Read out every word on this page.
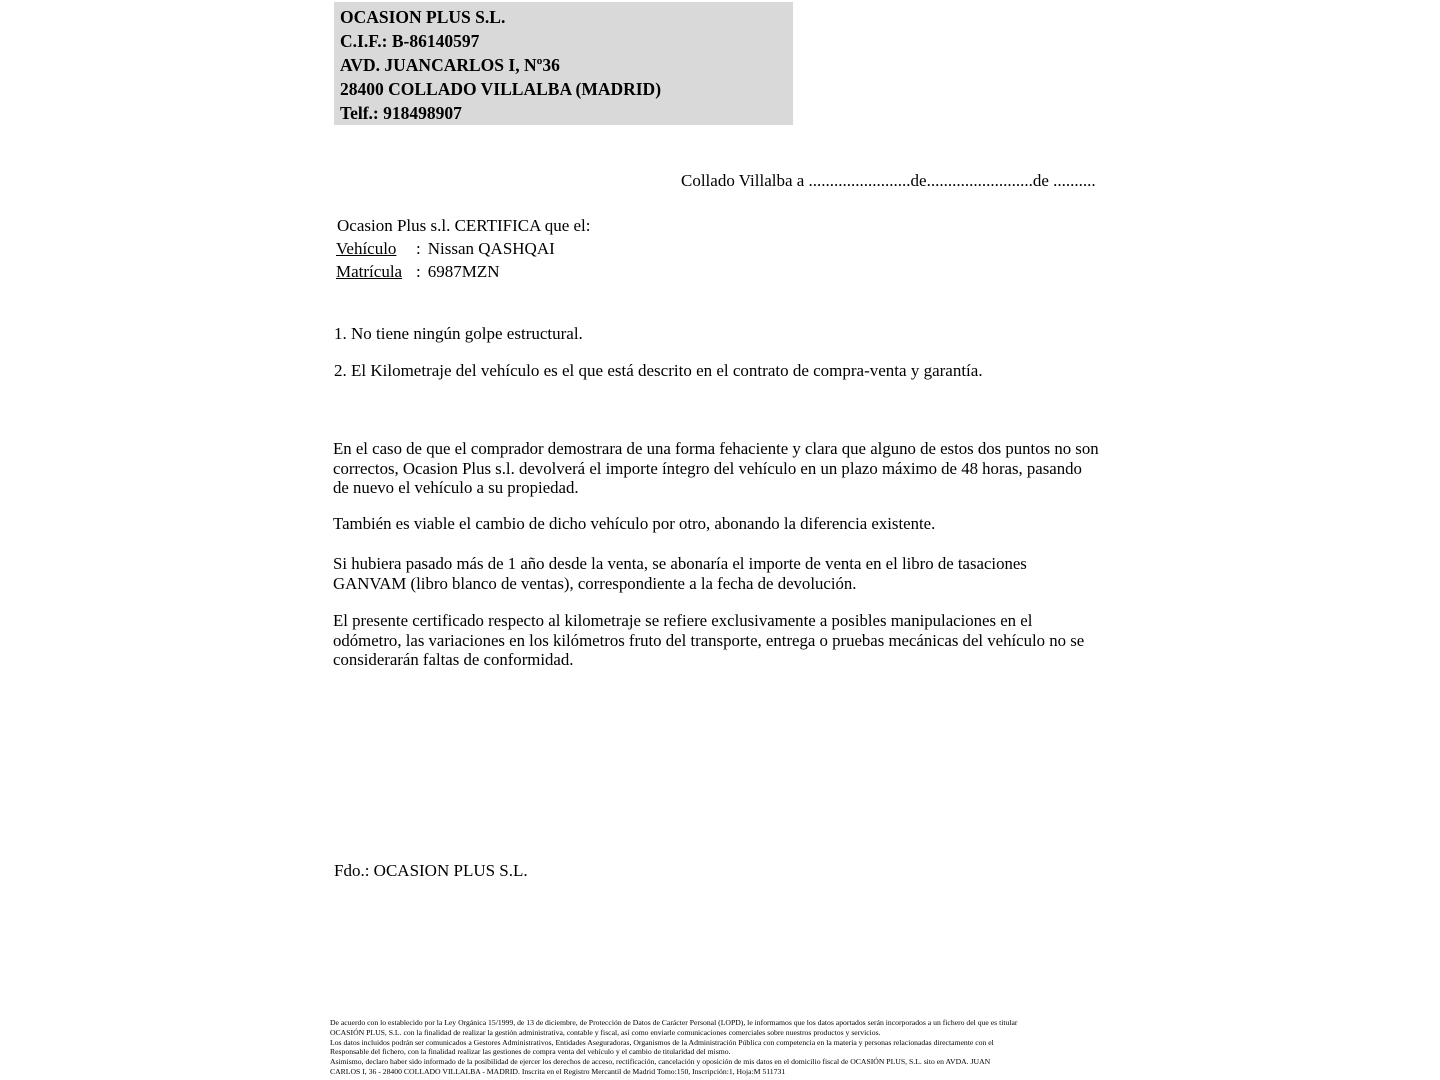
OCASION PLUS S.L.
C.I.F.: B-86140597
AVD. JUANCARLOS I, Nº36
28400 COLLADO VILLALBA (MADRID)
Telf.: 918498907
Collado Villalba a ........................de.........................de ..........
Ocasion Plus s.l. CERTIFICA que el:
Vehículo : Nissan QASHQAI
Matrícula : 6987MZN
1. No tiene ningún golpe estructural.
2. El Kilometraje del vehículo es el que está descrito en el contrato de compra-venta y garantía.

En el caso de que el comprador demostrara de una forma fehaciente y clara que alguno de estos dos puntos no son correctos, Ocasion Plus s.l. devolverá el importe íntegro del vehículo en un plazo máximo de 48 horas, pasando de nuevo el vehículo a su propiedad.

También es viable el cambio de dicho vehículo por otro, abonando la diferencia existente.

Si hubiera pasado más de 1 año desde la venta, se abonaría el importe de venta en el libro de tasaciones GANVAM (libro blanco de ventas), correspondiente a la fecha de devolución.

El presente certificado respecto al kilometraje se refiere exclusivamente a posibles manipulaciones en el odómetro, las variaciones en los kilómetros fruto del transporte, entrega o pruebas mecánicas del vehículo no se considerarán faltas de conformidad.

Fdo.: OCASION PLUS S.L.
De acuerdo con lo establecido por la Ley Orgánica 15/1999, de 13 de diciembre, de Protección de Datos de Carácter Personal (LOPD), le informamos que los datos aportados serán incorporados a un fichero del que es titular
OCASIÓN PLUS, S.L. con la finalidad de realizar la gestión administrativa, contable y fiscal, así como enviarle comunicaciones comerciales sobre nuestros productos y servicios.
Los datos incluidos podrán ser comunicados a Gestores Administrativos, Entidades Aseguradoras, Organismos de la Administración Pública con competencia en la materia y personas relacionadas directamente con el
Responsable del fichero, con la finalidad realizar las gestiones de compra venta del vehículo y el cambio de titularidad del mismo.
Asimismo, declaro haber sido informado de la posibilidad de ejercer los derechos de acceso, rectificación, cancelación y oposición de mis datos en el domicilio fiscal de OCASIÓN PLUS, S.L. sito en AVDA. JUAN
CARLOS I, 36 - 28400 COLLADO VILLALBA - MADRID. Inscrita en el Registro Mercantil de Madrid Tomo:150, Inscripción:1, Hoja:M 511731
